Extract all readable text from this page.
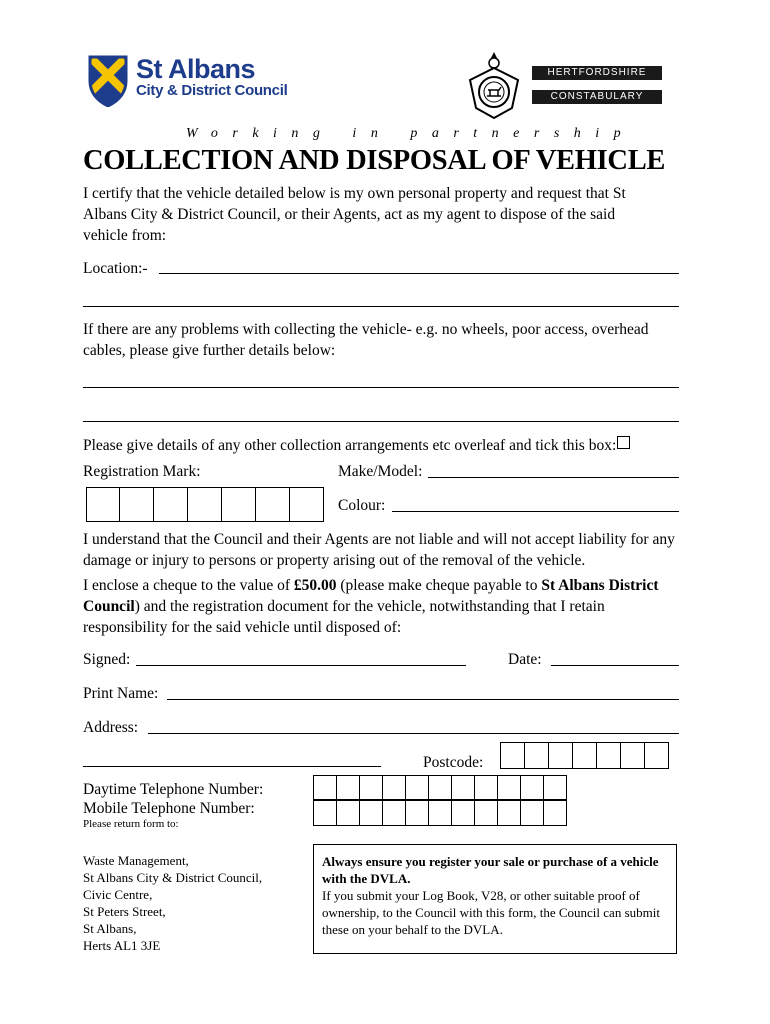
St Albans
City & District Council
HERTFORDSHIRE
CONSTABULARY
Working in partnership
COLLECTION AND DISPOSAL OF VEHICLE
I certify that the vehicle detailed below is my own personal property and request that St Albans City & District Council, or their Agents, act as my agent to dispose of the said vehicle from:
Location:-
If there are any problems with collecting the vehicle- e.g. no wheels, poor access, overhead cables, please give further details below:
Please give details of any other collection arrangements etc overleaf and tick this box:
Registration Mark:	Make/Model:
Colour:
I understand that the Council and their Agents are not liable and will not accept liability for any damage or injury to persons or property arising out of the removal of the vehicle.
I enclose a cheque to the value of £50.00 (please make cheque payable to St Albans District Council) and the registration document for the vehicle, notwithstanding that I retain responsibility for the said vehicle until disposed of:
Signed:	Date:
Print Name:
Address:
Postcode:
Daytime Telephone Number:
Mobile Telephone Number:
Please return form to:
Waste Management,
St Albans City & District Council,
Civic Centre,
St Peters Street,
St Albans,
Herts AL1 3JE
Always ensure you register your sale or purchase of a vehicle with the DVLA.
If you submit your Log Book, V28, or other suitable proof of ownership, to the Council with this form, the Council can submit these on your behalf to the DVLA.
